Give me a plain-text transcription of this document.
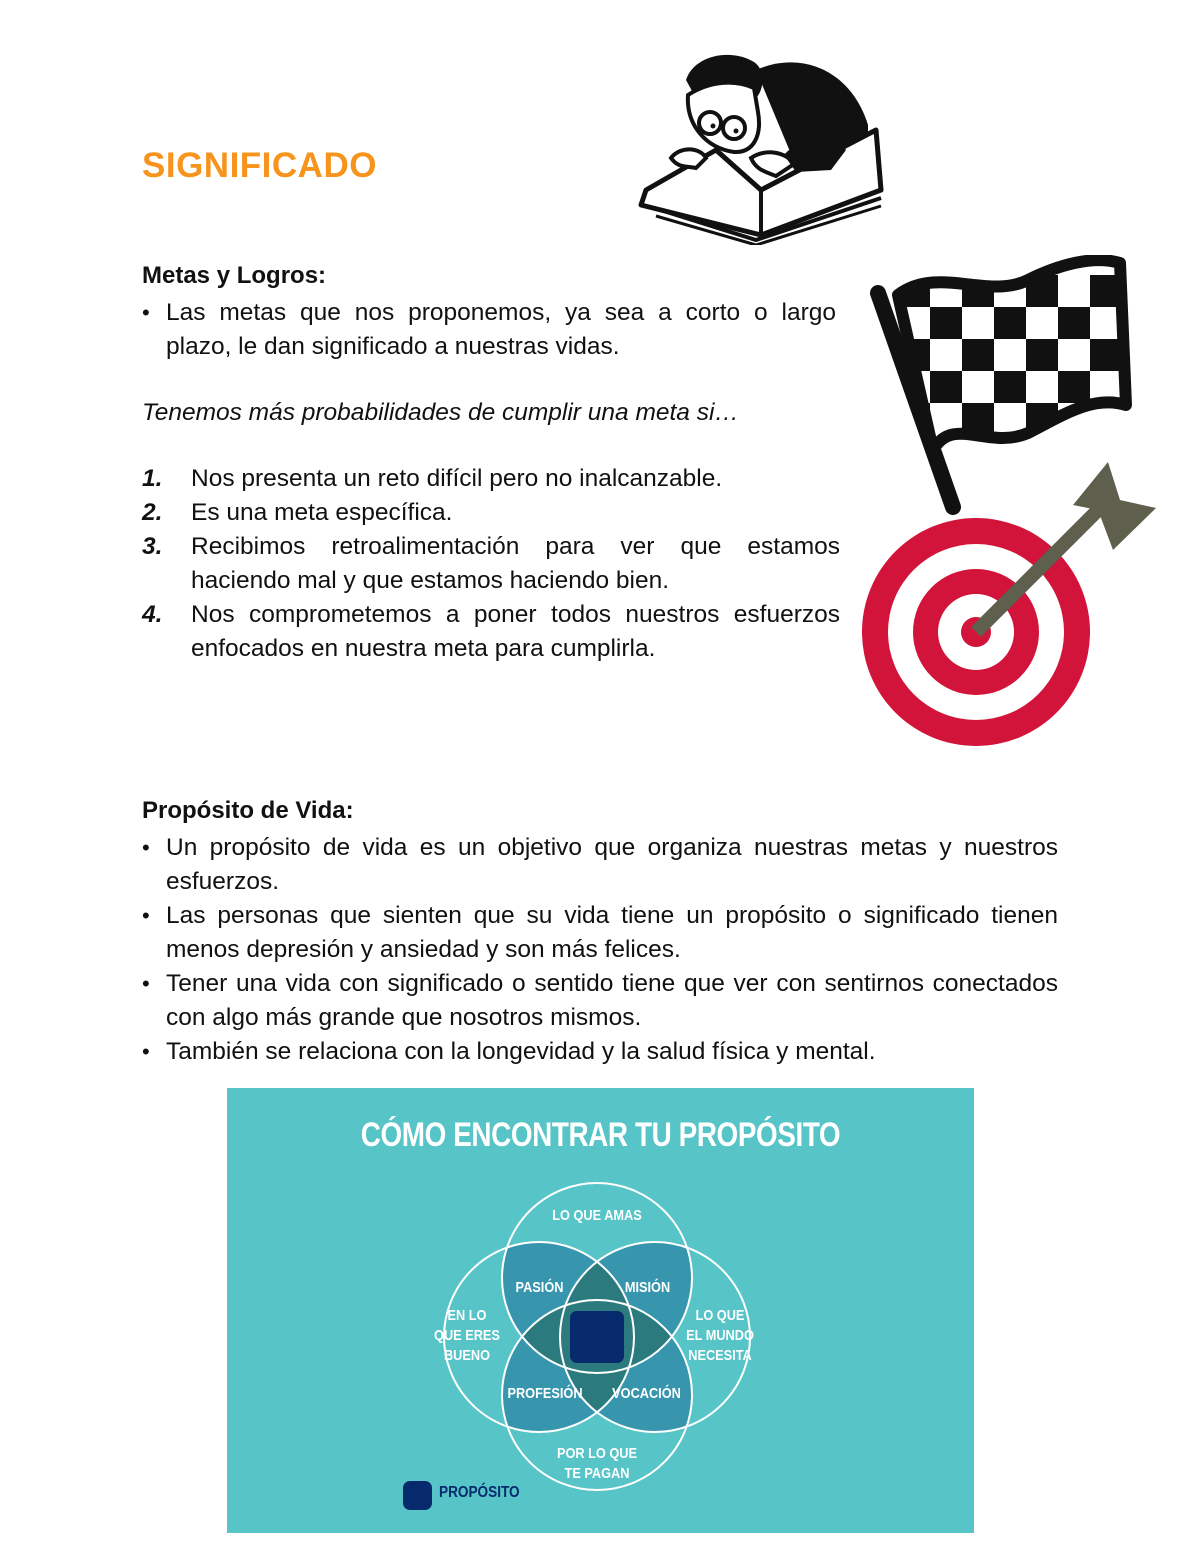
SIGNIFICADO
Metas y Logros:
• Las metas que nos proponemos, ya sea a corto o largo plazo, le dan significado a nuestras vidas.
Tenemos más probabilidades de cumplir una meta si…
1. Nos presenta un reto difícil pero no inalcanzable.
2. Es una meta específica.
3. Recibimos retroalimentación para ver que estamos haciendo mal y que estamos haciendo bien.
4. Nos comprometemos a poner todos nuestros esfuerzos enfocados en nuestra meta para cumplirla.
Propósito de Vida:
• Un propósito de vida es un objetivo que organiza nuestras metas y nuestros esfuerzos.
• Las personas que sienten que su vida tiene un propósito o significado tienen menos depresión y ansiedad y son más felices.
• Tener una vida con significado o sentido tiene que ver con sentirnos conectados con algo más grande que nosotros mismos.
• También se relaciona con la longevidad y la salud física y mental.
CÓMO ENCONTRAR TU PROPÓSITO
LO QUE AMAS
EN LO
QUE ERES
BUENO
LO QUE
EL MUNDO
NECESITA
POR LO QUE
TE PAGAN
PASIÓN	MISIÓN
PROFESIÓN	VOCACIÓN
PROPÓSITO
